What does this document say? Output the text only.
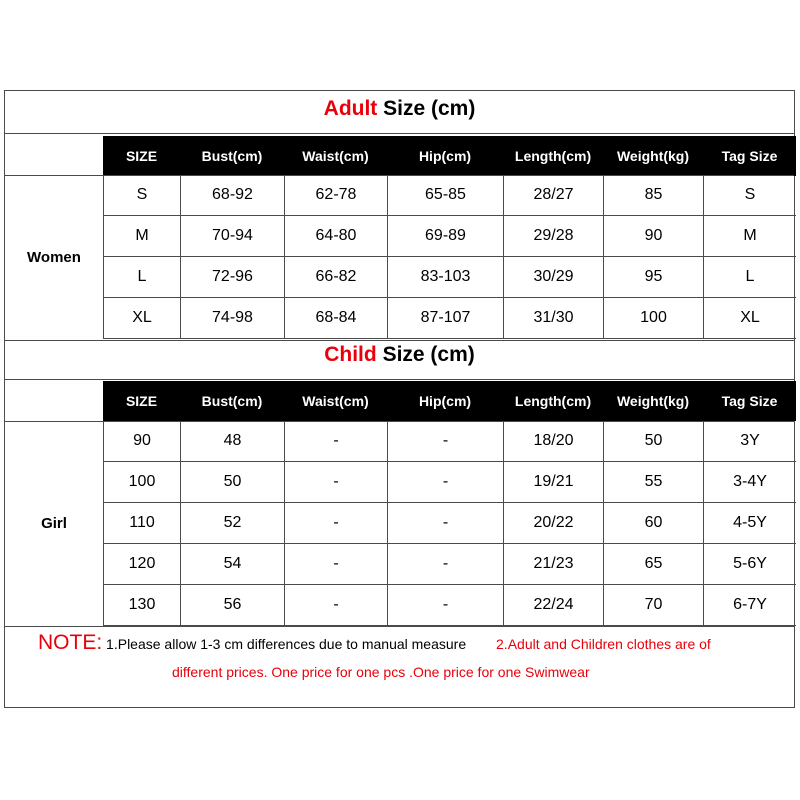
Adult Size (cm)
SIZE	Bust(cm)	Waist(cm)	Hip(cm)	Length(cm)	Weight(kg)	Tag Size
Women
S	68-92	62-78	65-85	28/27	85	S
M	70-94	64-80	69-89	29/28	90	M
L	72-96	66-82	83-103	30/29	95	L
XL	74-98	68-84	87-107	31/30	100	XL
Child Size (cm)
SIZE	Bust(cm)	Waist(cm)	Hip(cm)	Length(cm)	Weight(kg)	Tag Size
Girl
90	48	-	-	18/20	50	3Y
100	50	-	-	19/21	55	3-4Y
110	52	-	-	20/22	60	4-5Y
120	54	-	-	21/23	65	5-6Y
130	56	-	-	22/24	70	6-7Y
NOTE: 1.Please allow 1-3 cm differences due to manual measure 2.Adult and Children clothes are of
different prices. One price for one pcs .One price for one Swimwear
